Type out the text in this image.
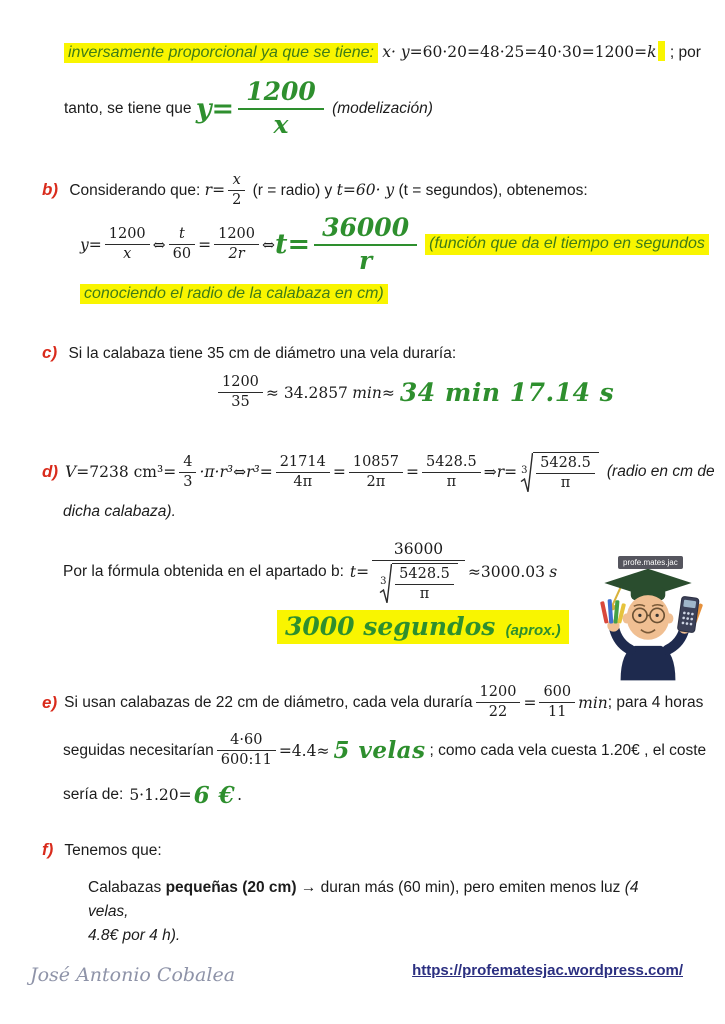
inversamente proporcional ya que se tiene: x· y=60·20=48·25=40·30=1200=k ; por
tanto, se tiene que $y= \frac{1200}{x}$ (modelización)
b) Considerando que: $r= \frac{x}{2} (r$ = radio) y t=60· y (t = segundos), obtenemos:
$y= \frac{1200}{x}$ ⇔ $\frac{t}{60} = \frac{1200}{2r}$ ⇔ $t= \frac{36000}{r}$ (función que da el tiempo en segundos
conociendo el radio de la calabaza en cm)
c) Si la calabaza tiene 35 cm de diámetro una vela duraría:
$\frac{1200}{35} \approx 34.2857$
min ≈ 34 min 17.14 s
d) V =7238 $cm^3= \frac{4}{3}$ ·π·r³⇔r³= $\frac{21714}{4\pi} = \frac{10857}{2\pi} = \frac{5428.5}{\pi}$ ⇒r= $3 \frac{5428.5}{\pi}$ (radio en cm de
dicha calabaza).
Por la fórmula obtenida en el apartado b: $t= \frac{36000}{3 \frac{5428.5}{\pi}} \approx 3000.03$
s
3000 segundos (aprox.)
profe.mates.jac
e) Si usan calabazas de 22 cm de diámetro, cada vela duraría $\frac{1200}{22} = \frac{600}{11}$ min ; para 4 horas
seguidas necesitarían $\frac{4\cdot 60}{600:11} =4.4\approx 5$ velas ; como cada vela cuesta 1.20€ , el coste
sería de: 5·1.20= 6 € .
f) Tenemos que:
Calabazas pequeñas (20 cm) → duran más (60 min), pero emiten menos luz (4 velas,
4.8€ por 4 h).
José Antonio Cobalea	https://profematesjac.wordpress.com/
